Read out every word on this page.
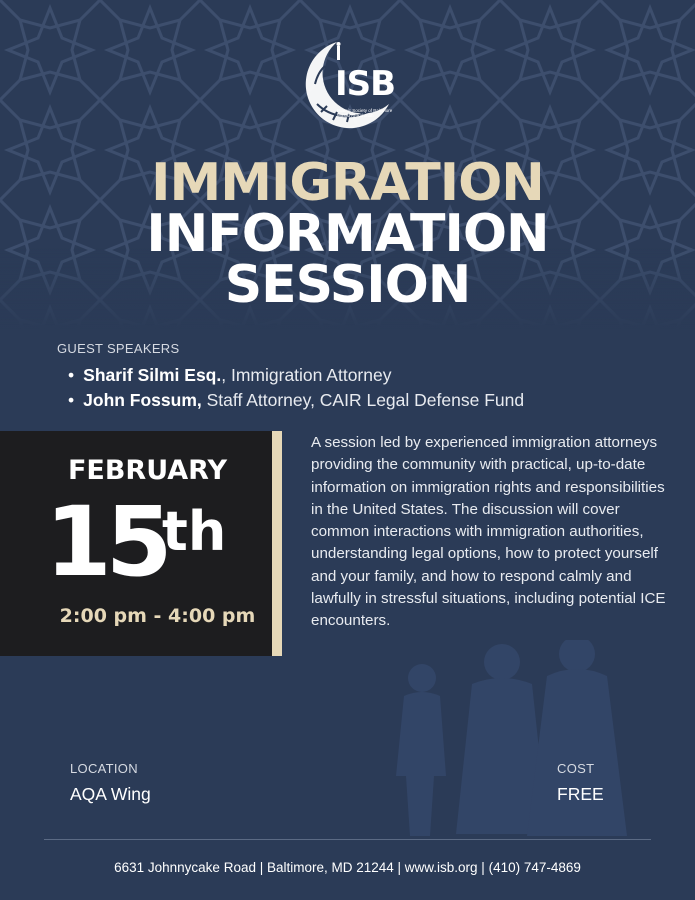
ISB
Islamic Society of Baltimore Masjid Al-Rahmah
IMMIGRATION
INFORMATION
SESSION
GUEST SPEAKERS
• Sharif Silmi Esq., Immigration Attorney
• John Fossum, Staff Attorney, CAIR Legal Defense Fund
FEBRUARY
15
th
2:00 pm - 4:00 pm

A session led by experienced immigration attorneys providing the community with practical, up-to-date information on immigration rights and responsibilities in the United States. The discussion will cover common interactions with immigration authorities, understanding legal options, how to protect yourself and your family, and how to respond calmly and lawfully in stressful situations, including potential ICE encounters.

LOCATION
AQA Wing
COST
FREE
6631 Johnnycake Road | Baltimore, MD 21244 | www.isb.org | (410) 747-4869
